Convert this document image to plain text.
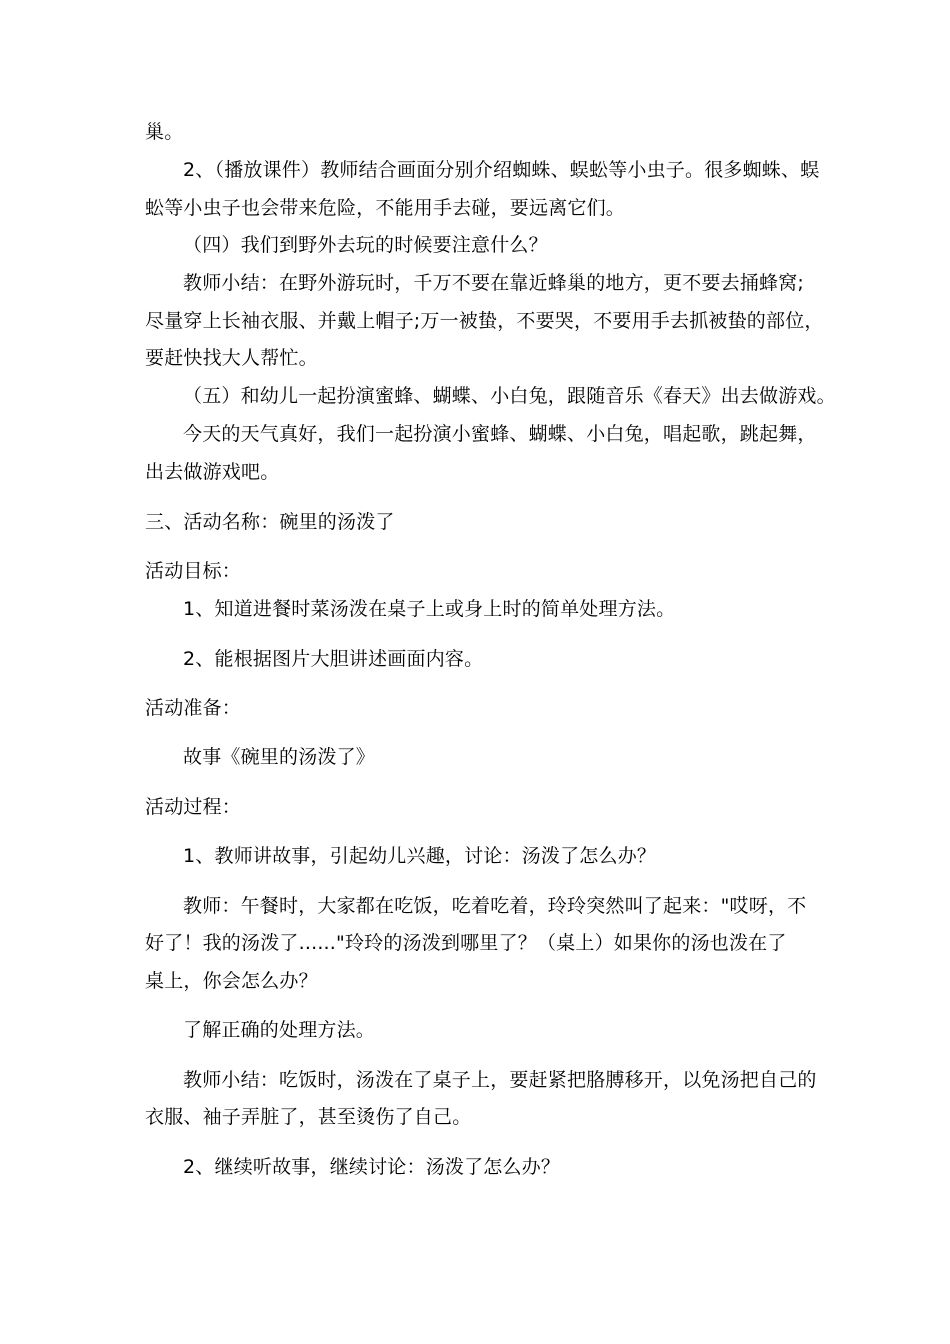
巢。
2、（播放课件）教师结合画面分别介绍蜘蛛、蜈蚣等小虫子。很多蜘蛛、蜈
蚣等小虫子也会带来危险，不能用手去碰，要远离它们。
（四）我们到野外去玩的时候要注意什么？
教师小结：在野外游玩时，千万不要在靠近蜂巢的地方，更不要去捅蜂窝;
尽量穿上长袖衣服、并戴上帽子;万一被蛰，不要哭，不要用手去抓被蛰的部位，
要赶快找大人帮忙。
（五）和幼儿一起扮演蜜蜂、蝴蝶、小白兔，跟随音乐《春天》出去做游戏。
今天的天气真好，我们一起扮演小蜜蜂、蝴蝶、小白兔，唱起歌，跳起舞，
出去做游戏吧。
三、活动名称：碗里的汤泼了
活动目标：
1、知道进餐时菜汤泼在桌子上或身上时的简单处理方法。
2、能根据图片大胆讲述画面内容。
活动准备：
故事《碗里的汤泼了》
活动过程：
1、教师讲故事，引起幼儿兴趣，讨论：汤泼了怎么办？
教师：午餐时，大家都在吃饭，吃着吃着，玲玲突然叫了起来："哎呀，不
好了！我的汤泼了......"玲玲的汤泼到哪里了？（桌上）如果你的汤也泼在了
桌上，你会怎么办？
了解正确的处理方法。
教师小结：吃饭时，汤泼在了桌子上，要赶紧把胳膊移开，以免汤把自己的
衣服、袖子弄脏了，甚至烫伤了自己。
2、继续听故事，继续讨论：汤泼了怎么办？
